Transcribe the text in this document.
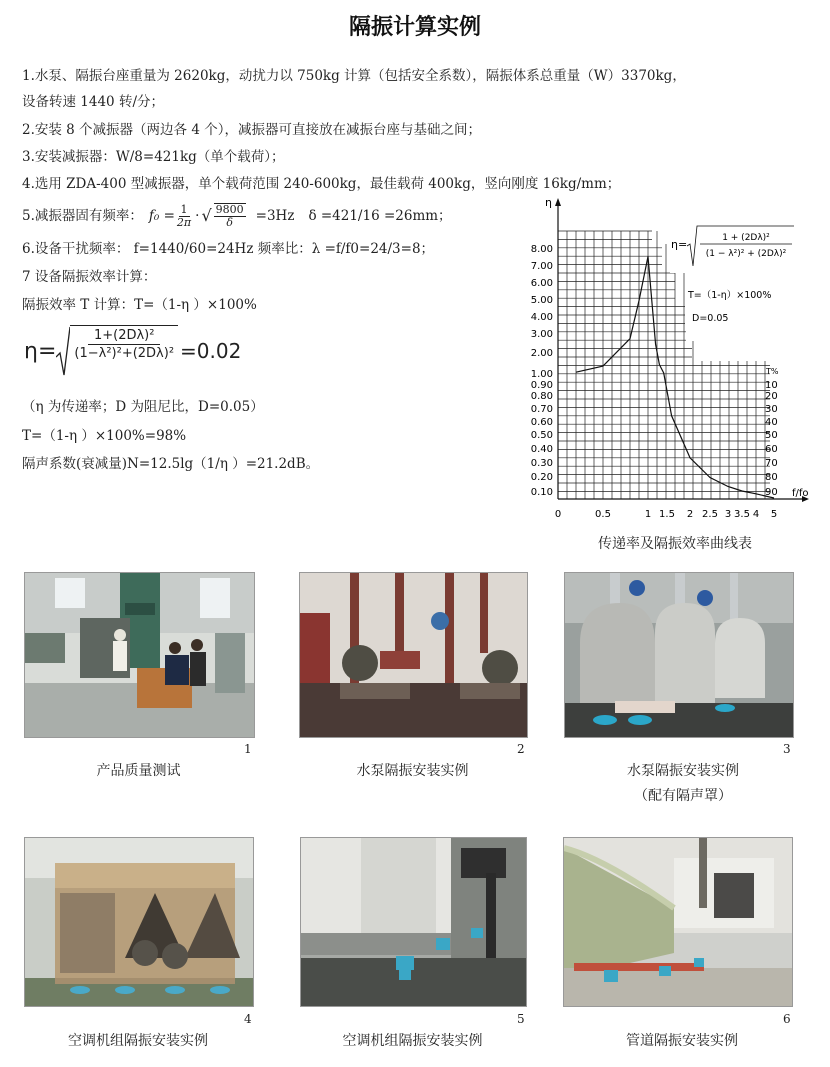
隔振计算实例
1.水泵、隔振台座重量为 2620kg，动扰力以 750kg 计算（包括安全系数），隔振体系总重量（W）3370kg，
设备转速 1440 转/分；
2.安装 8 个减振器（两边各 4 个），减振器可直接放在减振台座与基础之间；
3.安装减振器：W/8=421kg（单个载荷）；
4.选用 ZDA-400 型减振器，单个载荷范围 240-600kg，最佳载荷 400kg，竖向刚度 16kg/mm；
5.减振器固有频率： $f_0 = \frac{1}{2\pi}$ · √ $\frac{9800}{\delta} =3Hz$ δ =421/16 =26mm；
6.设备干扰频率： f=1440/60=24Hz 频率比：λ =f/f0=24/3=8；
7 设备隔振效率计算：
隔振效率 T 计算：T=（1-η ）×100%
$\eta= \frac{\text{1+(2Dλ)²}}{\text{(1−λ²)²+(2Dλ)²}} =0.02$
（η 为传递率；D 为阻尼比，D=0.05）
T=（1-η ）×100%=98%
隔声系数(衰减量)N=12.5lg（1/η ）=21.2dB。
η
f/fo
8.00
7.00
6.00
5.00
4.00
3.00
2.00
1.00
0.90
0.80
0.70
0.60
0.50
0.40
0.30
0.20
0.10
0	0.5	1 1.5 2 2.5 3 3.5 4 5
T%
10
20
30
40
50
60
70
80
90
η=	1 + (2Dλ)²
(1 − λ²)² + (2Dλ)²
T=（1-η）×100%
D=0.05
传递率及隔振效率曲线表
1	2	3
产品质量测试	水泵隔振安装实例	水泵隔振安装实例
（配有隔声罩）
4	5	6
空调机组隔振安装实例	空调机组隔振安装实例	管道隔振安装实例
